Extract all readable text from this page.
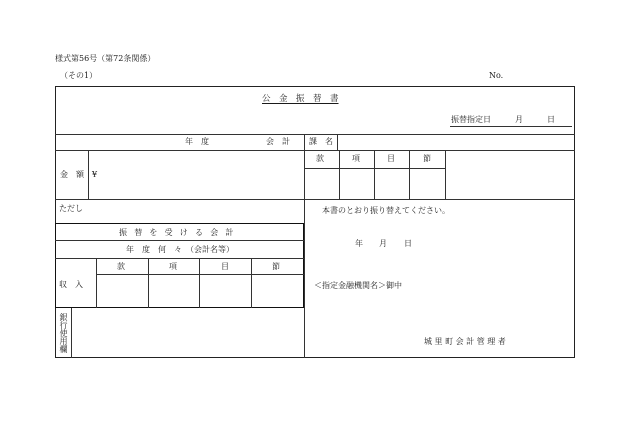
様式第56号（第72条関係）
（その1）	No.
公　金　振　替　書
振替指定日	月	日
年　度	会　計 課　名
金　額 ¥
款	項	目	節
ただし	本書のとおり振り替えてください。
振替を受ける会計
年　度　何　々　（会計名等）
収　入
款	項	目	節
銀行使用欄
年 月 日
＜指定金融機関名＞御中
城 里 町 会 計 管 理 者
